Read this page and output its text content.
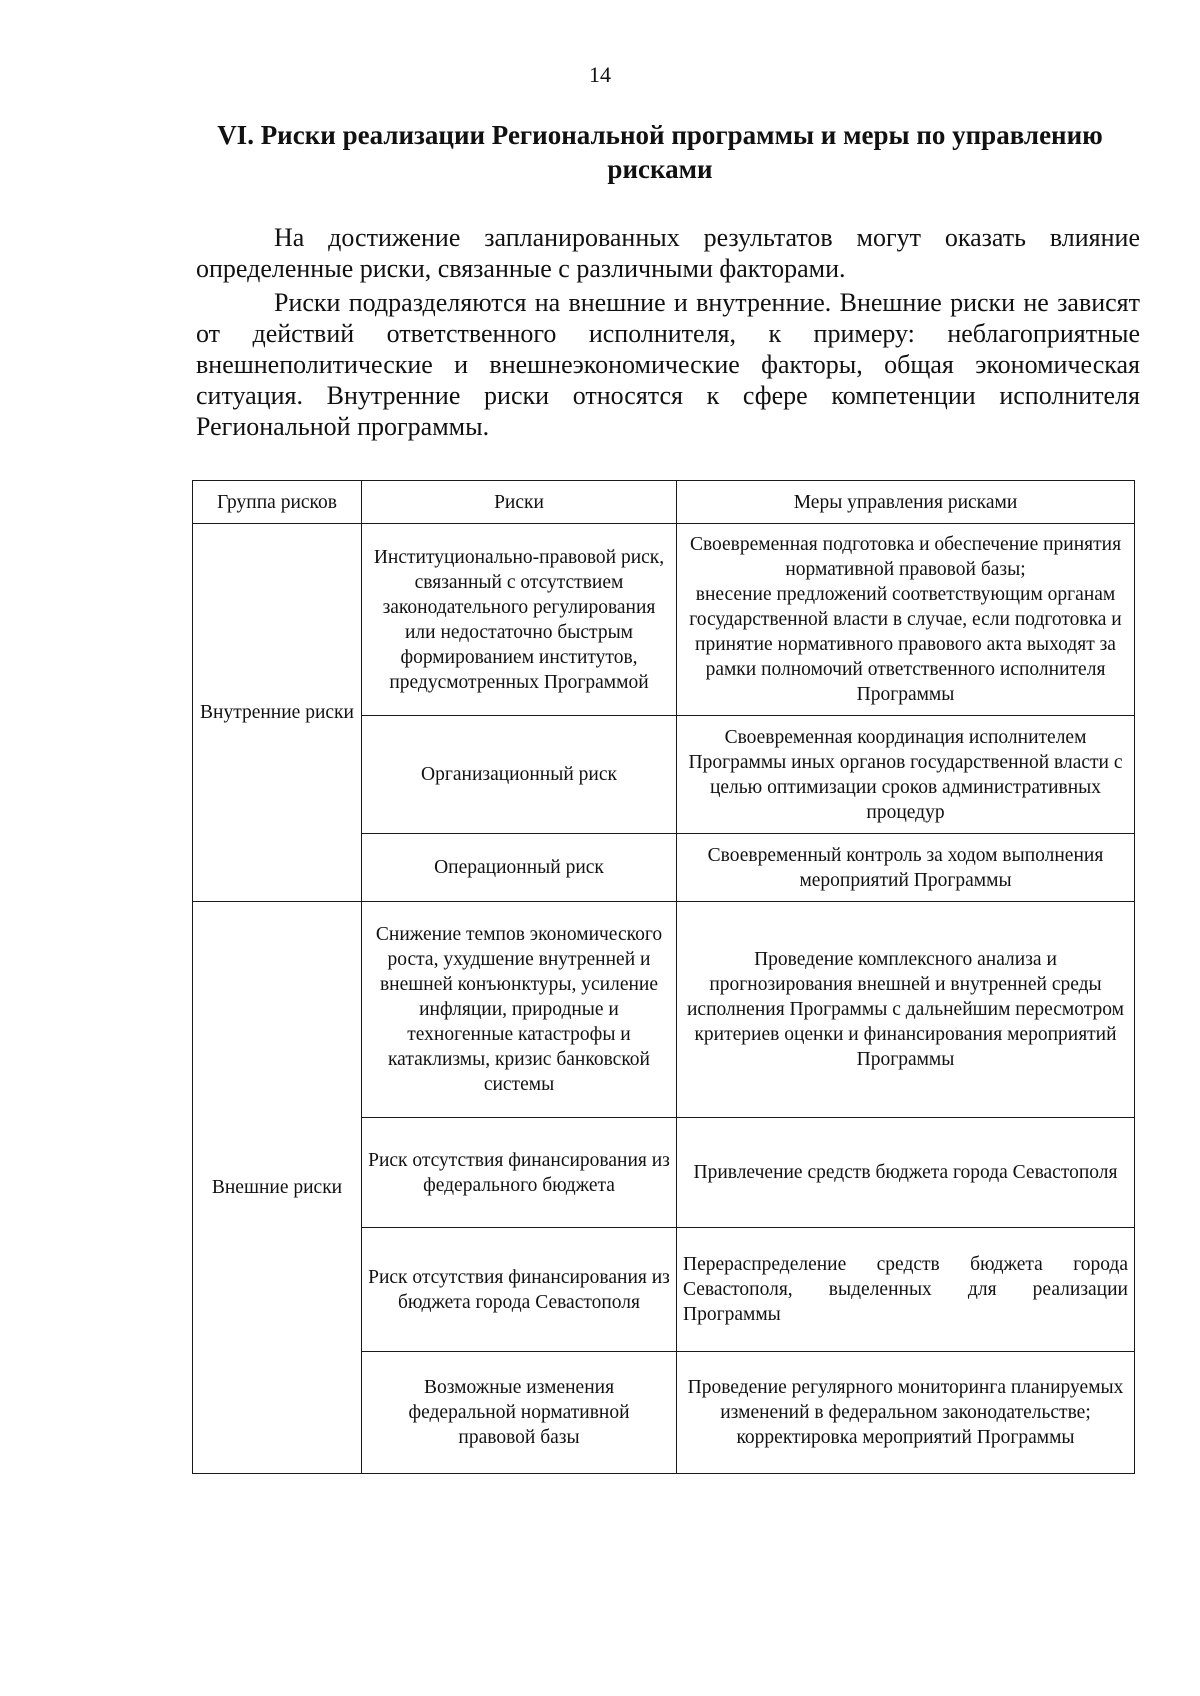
14
VI. Риски реализации Региональной программы и меры по управлению рисками

На достижение запланированных результатов могут оказать влияние определенные риски, связанные с различными факторами.

Риски подразделяются на внешние и внутренние. Внешние риски не зависят от действий ответственного исполнителя, к примеру: неблагоприятные внешнеполитические и внешнеэкономические факторы, общая экономическая ситуация. Внутренние риски относятся к сфере компетенции исполнителя Региональной программы.

Группа рисков	Риски	Меры управления рисками
Внутренние риски	Институционально-правовой риск, связанный с отсутствием законодательного регулирования или недостаточно быстрым формированием институтов, предусмотренных Программой	Своевременная подготовка и обеспечение принятия нормативной правовой базы;
внесение предложений соответствующим органам государственной власти в случае, если подготовка и принятие нормативного правового акта выходят за рамки полномочий ответственного исполнителя Программы
	Организационный риск	Своевременная координация исполнителем Программы иных органов государственной власти с целью оптимизации сроков административных процедур
	Операционный риск	Своевременный контроль за ходом выполнения мероприятий Программы
Внешние риски	Снижение темпов экономического роста, ухудшение внутренней и внешней конъюнктуры, усиление инфляции, природные и техногенные катастрофы и катаклизмы, кризис банковской системы	Проведение комплексного анализа и прогнозирования внешней и внутренней среды исполнения Программы с дальнейшим пересмотром критериев оценки и финансирования мероприятий Программы
	Риск отсутствия финансирования из федерального бюджета	Привлечение средств бюджета города Севастополя
	Риск отсутствия финансирования из бюджета города Севастополя	Перераспределение средств бюджета города Севастополя, выделенных для реализации Программы
	Возможные изменения федеральной нормативной правовой базы	Проведение регулярного мониторинга планируемых изменений в федеральном законодательстве;
корректировка мероприятий Программы
